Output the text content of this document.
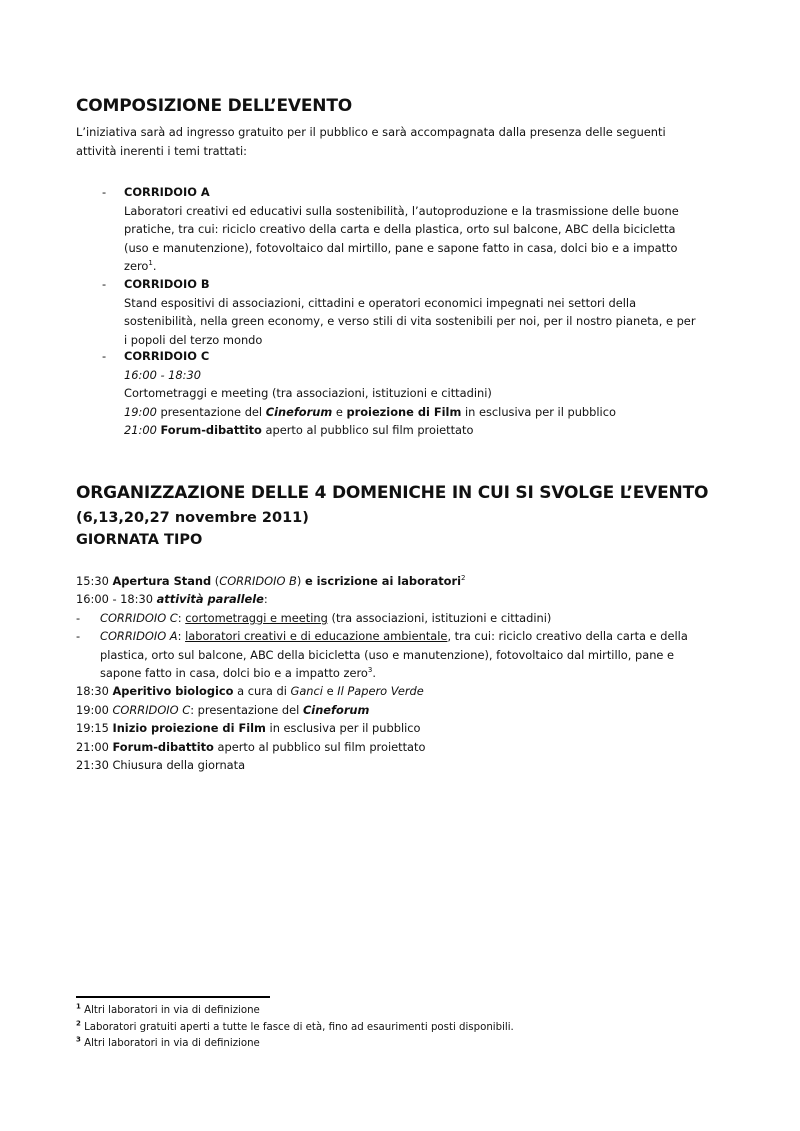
COMPOSIZIONE DELL’EVENTO
L’iniziativa sarà ad ingresso gratuito per il pubblico e sarà accompagnata dalla presenza delle seguenti
attività inerenti i temi trattati:
- CORRIDOIO A
Laboratori creativi ed educativi sulla sostenibilità, l’autoproduzione e la trasmissione delle buone
pratiche, tra cui: riciclo creativo della carta e della plastica, orto sul balcone, ABC della bicicletta
(uso e manutenzione), fotovoltaico dal mirtillo, pane e sapone fatto in casa, dolci bio e a impatto
zero$^1$.
- CORRIDOIO B
Stand espositivi di associazioni, cittadini e operatori economici impegnati nei settori della
sostenibilità, nella green economy, e verso stili di vita sostenibili per noi, per il nostro pianeta, e per
i popoli del terzo mondo
- CORRIDOIO C
16:00 - 18:30
Cortometraggi e meeting (tra associazioni, istituzioni e cittadini)
19:00 presentazione del Cineforum e proiezione di Film in esclusiva per il pubblico
21:00 Forum-dibattito aperto al pubblico sul film proiettato
ORGANIZZAZIONE DELLE 4 DOMENICHE IN CUI SI SVOLGE L’EVENTO
(6,13,20,27 novembre 2011)
GIORNATA TIPO
15:30 Apertura Stand (CORRIDOIO B) e iscrizione ai laboratori$^2$
16:00 - 18:30 attività parallele:
- CORRIDOIO C: cortometraggi e meeting (tra associazioni, istituzioni e cittadini)
- CORRIDOIO A: laboratori creativi e di educazione ambientale, tra cui: riciclo creativo della carta e della
plastica, orto sul balcone, ABC della bicicletta (uso e manutenzione), fotovoltaico dal mirtillo, pane e
sapone fatto in casa, dolci bio e a impatto zero$^3$.
18:30 Aperitivo biologico a cura di Ganci e Il Papero Verde
19:00 CORRIDOIO C: presentazione del Cineforum
19:15 Inizio proiezione di Film in esclusiva per il pubblico
21:00 Forum-dibattito aperto al pubblico sul film proiettato
21:30 Chiusura della giornata
$^1$ Altri laboratori in via di definizione
$^2$ Laboratori gratuiti aperti a tutte le fasce di età, fino ad esaurimenti posti disponibili.
$^3$ Altri laboratori in via di definizione
